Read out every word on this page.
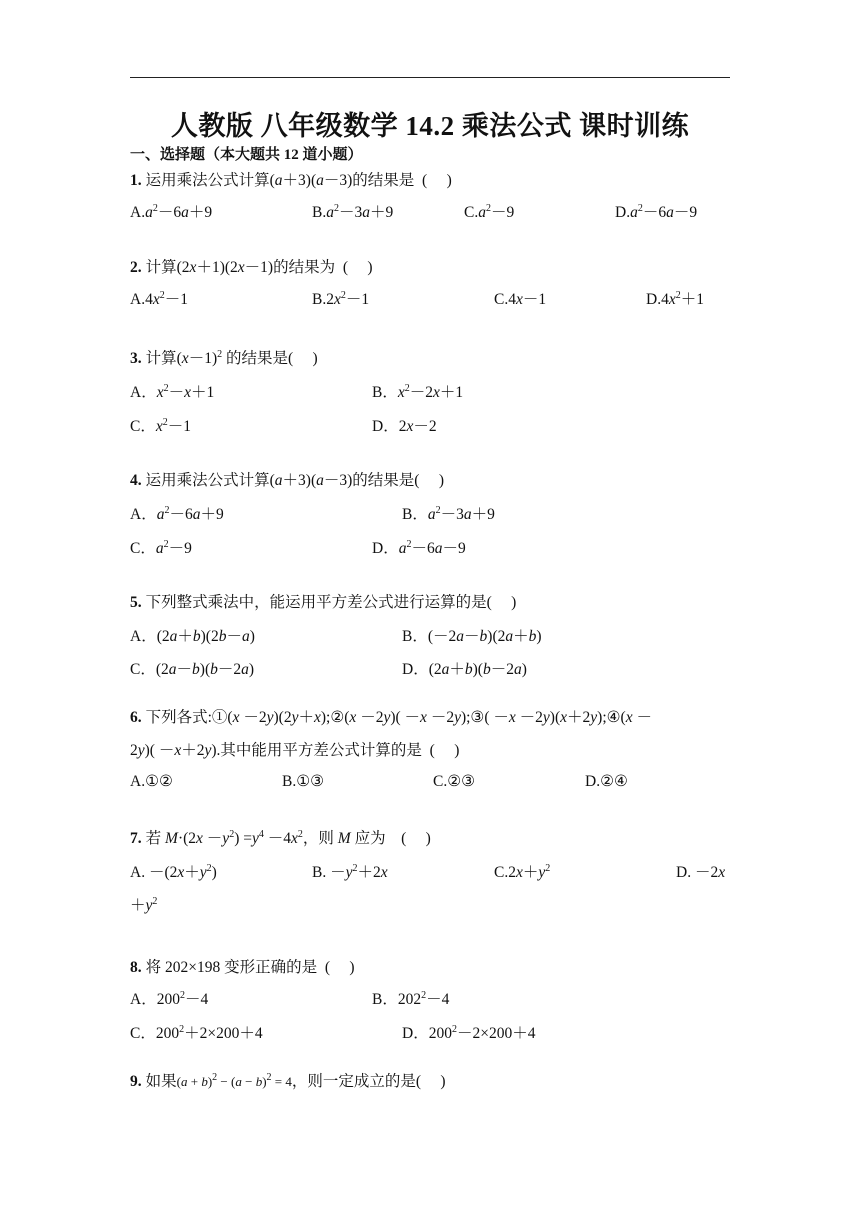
人教版 八年级数学 14.2 乘法公式 课时训练
一、选择题（本大题共 12 道小题）
1. 运用乘法公式计算(a＋3)(a－3)的结果是  (     )
$A.a^2-6a+9$	$B.a^2-3a+9$	$C.a^2-9$	$D.a^2-6a-9$
2. 计算(2x＋1)(2x－1)的结果为  (     )
$A.4x^2-1$	$B.2x^2-1$	C.4x－1	$D.4x^2+1$
3. 计算$(x-1)^2$ 的结果是(     )
A．$x^2-x+1$	B．$x^2-2x+1$
C．$x^2-1$	D．2x－2
4. 运用乘法公式计算(a＋3)(a－3)的结果是(     )
A．$a^2-6a+9$	B．$a^2-3a+9$
C．$a^2-9$	D．$a^2-6a-9$
5. 下列整式乘法中，能运用平方差公式进行运算的是(     )
A．(2a＋b)(2b－a)	B．(－2a－b)(2a＋b)
C．(2a－b)(b－2a)	D．(2a＋b)(b－2a)
6. 下列各式:①(x －2y)(2y＋x);②(x －2y)( －x －2y);③( －x －2y)(x＋2y);④(x －
2y)( －x＋2y).其中能用平方差公式计算的是  (     )
A.①②	B.①③	C.②③	D.②④
7. 若 $M\cdot(2x -y^2) =y^4 -4x^2$，则 M 应为    (     )
A. $-(2x+y^2)$	B. $-y^2+2x$	$C.2x+y^2$	D. －2x
$+y^2$
8. 将 202×198 变形正确的是  (     )
A．$200^2-4$	B．$202^2-4$
C．$200^2+2\times 200+4$	D．$200^2-2\times 200+4$
9. 如果$(a + b)^2 - (a - b)^2 = 4$，则一定成立的是(     )
